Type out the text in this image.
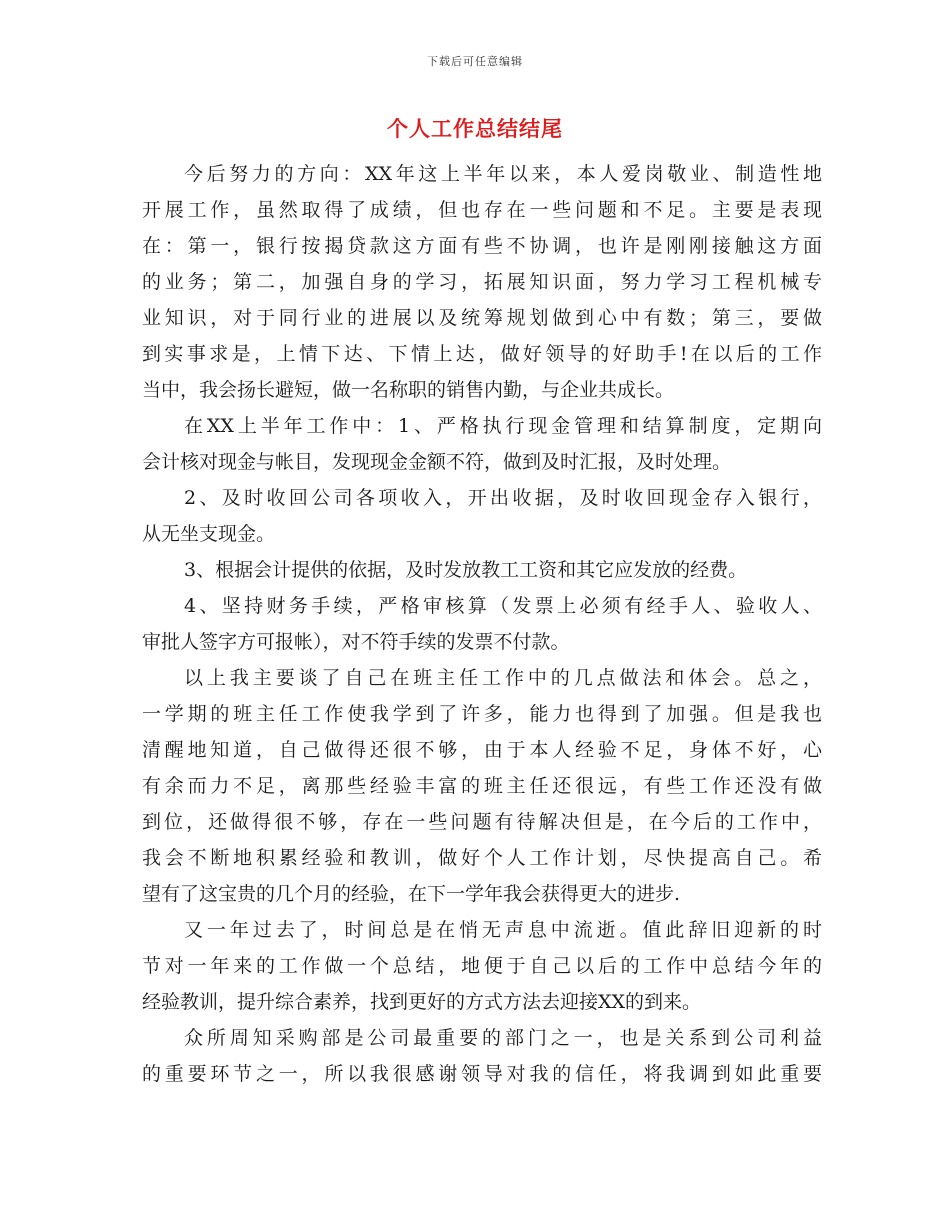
下载后可任意编辑
个人工作总结结尾
今后努力的方向：XX年这上半年以来，本人爱岗敬业、制造性地
开展工作，虽然取得了成绩，但也存在一些问题和不足。主要是表现
在：第一，银行按揭贷款这方面有些不协调，也许是刚刚接触这方面
的业务；第二，加强自身的学习，拓展知识面，努力学习工程机械专
业知识，对于同行业的进展以及统筹规划做到心中有数；第三，要做
到实事求是，上情下达、下情上达，做好领导的好助手!在以后的工作
当中，我会扬长避短，做一名称职的销售内勤，与企业共成长。
在XX上半年工作中：1、严格执行现金管理和结算制度，定期向
会计核对现金与帐目，发现现金金额不符，做到及时汇报，及时处理。
2、及时收回公司各项收入，开出收据，及时收回现金存入银行，
从无坐支现金。
3、根据会计提供的依据，及时发放教工工资和其它应发放的经费。
4、坚持财务手续，严格审核算（发票上必须有经手人、验收人、
审批人签字方可报帐），对不符手续的发票不付款。
以上我主要谈了自己在班主任工作中的几点做法和体会。总之，
一学期的班主任工作使我学到了许多，能力也得到了加强。但是我也
清醒地知道，自己做得还很不够，由于本人经验不足，身体不好，心
有余而力不足，离那些经验丰富的班主任还很远，有些工作还没有做
到位，还做得很不够，存在一些问题有待解决但是，在今后的工作中，
我会不断地积累经验和教训，做好个人工作计划，尽快提高自己。希
望有了这宝贵的几个月的经验，在下一学年我会获得更大的进步.
又一年过去了，时间总是在悄无声息中流逝。值此辞旧迎新的时
节对一年来的工作做一个总结，地便于自己以后的工作中总结今年的
经验教训，提升综合素养，找到更好的方式方法去迎接XX的到来。
众所周知采购部是公司最重要的部门之一，也是关系到公司利益
的重要环节之一，所以我很感谢领导对我的信任，将我调到如此重要
